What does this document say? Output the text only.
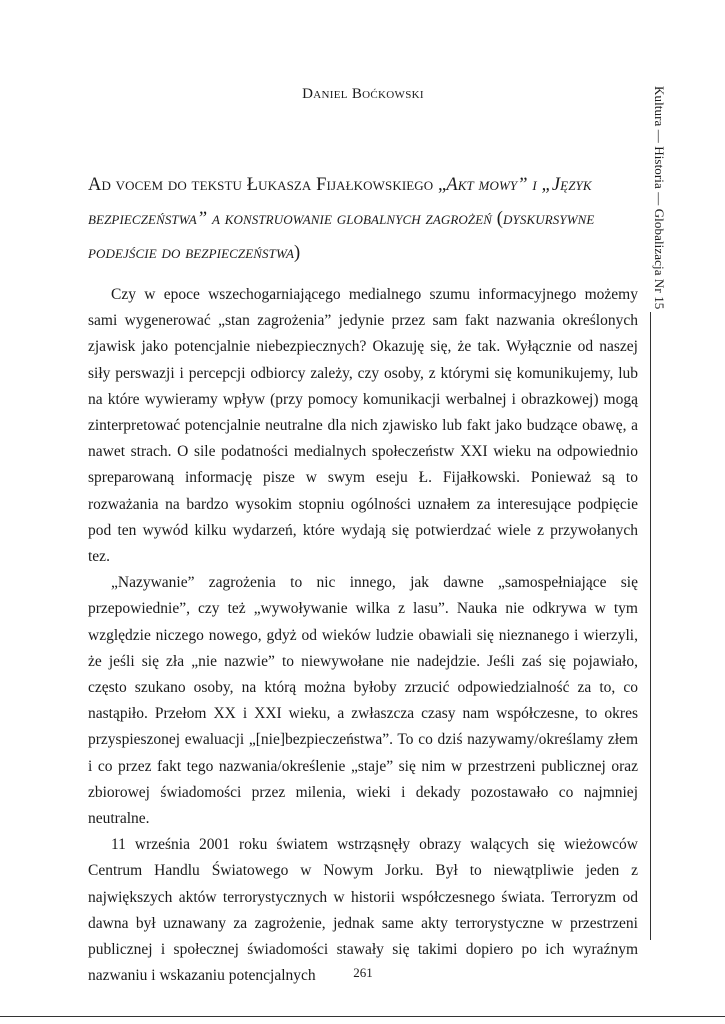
Daniel Boćkowski
Ad vocem do tekstu Łukasza Fijałkowskiego „Akt mowy” i „Język bezpieczeństwa” a konstruowanie globalnych zagrożeń (dyskursywne podejście do bezpieczeństwa)

Czy w epoce wszechogarniającego medialnego szumu informacyjnego możemy sami wygenerować „stan zagrożenia” jedynie przez sam fakt nazwania określonych zjawisk jako potencjalnie niebezpiecznych? Okazuję się, że tak. Wyłącznie od naszej siły perswazji i percepcji odbiorcy zależy, czy osoby, z którymi się komunikujemy, lub na które wywieramy wpływ (przy pomocy komunikacji werbalnej i obrazkowej) mogą zinterpretować potencjalnie neutralne dla nich zjawisko lub fakt jako budzące obawę, a nawet strach. O sile podatności medialnych społeczeństw XXI wieku na odpowiednio spreparowaną informację pisze w swym eseju Ł. Fijałkowski. Ponieważ są to rozważania na bardzo wysokim stopniu ogólności uznałem za interesujące podpięcie pod ten wywód kilku wydarzeń, które wydają się potwierdzać wiele z przywołanych tez.

„Nazywanie” zagrożenia to nic innego, jak dawne „samospełniające się przepowiednie”, czy też „wywoływanie wilka z lasu”. Nauka nie odkrywa w tym względzie niczego nowego, gdyż od wieków ludzie obawiali się nieznanego i wierzyli, że jeśli się zła „nie nazwie” to niewywołane nie nadejdzie. Jeśli zaś się pojawiało, często szukano osoby, na którą można byłoby zrzucić odpowiedzialność za to, co nastąpiło. Przełom XX i XXI wieku, a zwłaszcza czasy nam współczesne, to okres przyspieszonej ewaluacji „[nie]bezpieczeństwa”. To co dziś nazywamy/określamy złem i co przez fakt tego nazwania/określenie „staje” się nim w przestrzeni publicznej oraz zbiorowej świadomości przez milenia, wieki i dekady pozostawało co najmniej neutralne.

11 września 2001 roku światem wstrząsnęły obrazy walących się wieżowców Centrum Handlu Światowego w Nowym Jorku. Był to niewątpliwie jeden z największych aktów terrorystycznych w historii współczesnego świata. Terroryzm od dawna był uznawany za zagrożenie, jednak same akty terrorystyczne w przestrzeni publicznej i społecznej świadomości stawały się takimi dopiero po ich wyraźnym nazwaniu i wskazaniu potencjalnych

Kultura — Historia — Globalizacja Nr 15
261
